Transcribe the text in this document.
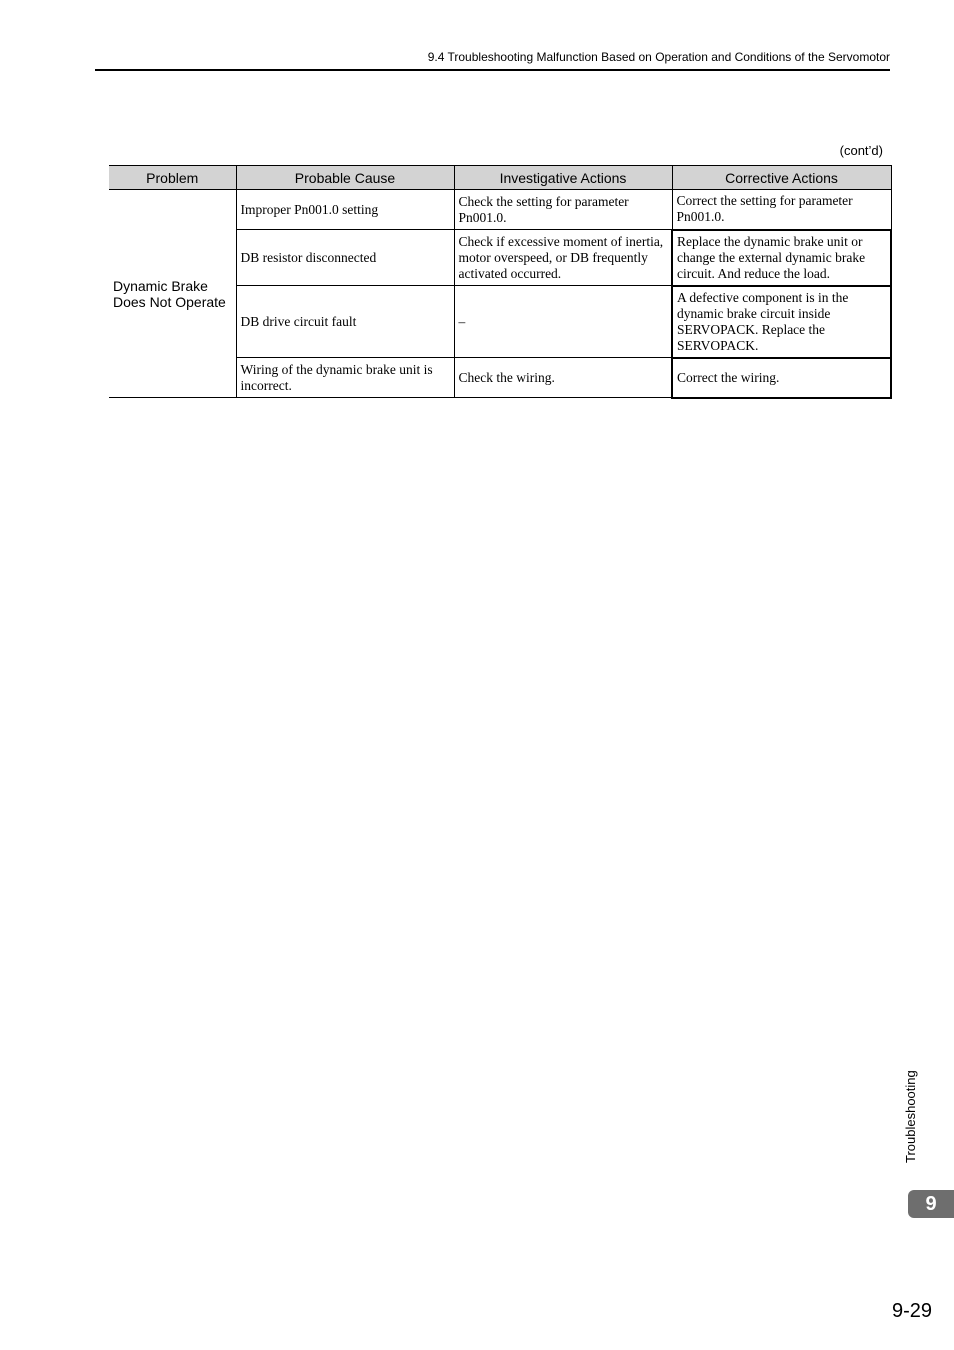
9.4 Troubleshooting Malfunction Based on Operation and Conditions of the Servomotor
(cont’d)
Problem	Probable Cause	Investigative Actions	Corrective Actions

Dynamic Brake
Does Not Operate	Improper Pn001.0 setting	Check the setting for parameter Pn001.0.	Correct the setting for parameter Pn001.0.
	DB resistor disconnected	Check if excessive moment of inertia, motor overspeed, or DB frequently activated occurred.	Replace the dynamic brake unit or change the external dynamic brake circuit. And reduce the load.
	DB drive circuit fault	–	A defective component is in the dynamic brake circuit inside SERVOPACK. Replace the SERVOPACK.
	Wiring of the dynamic brake unit is incorrect.	Check the wiring.	Correct the wiring.
Troubleshooting
9
9-29
